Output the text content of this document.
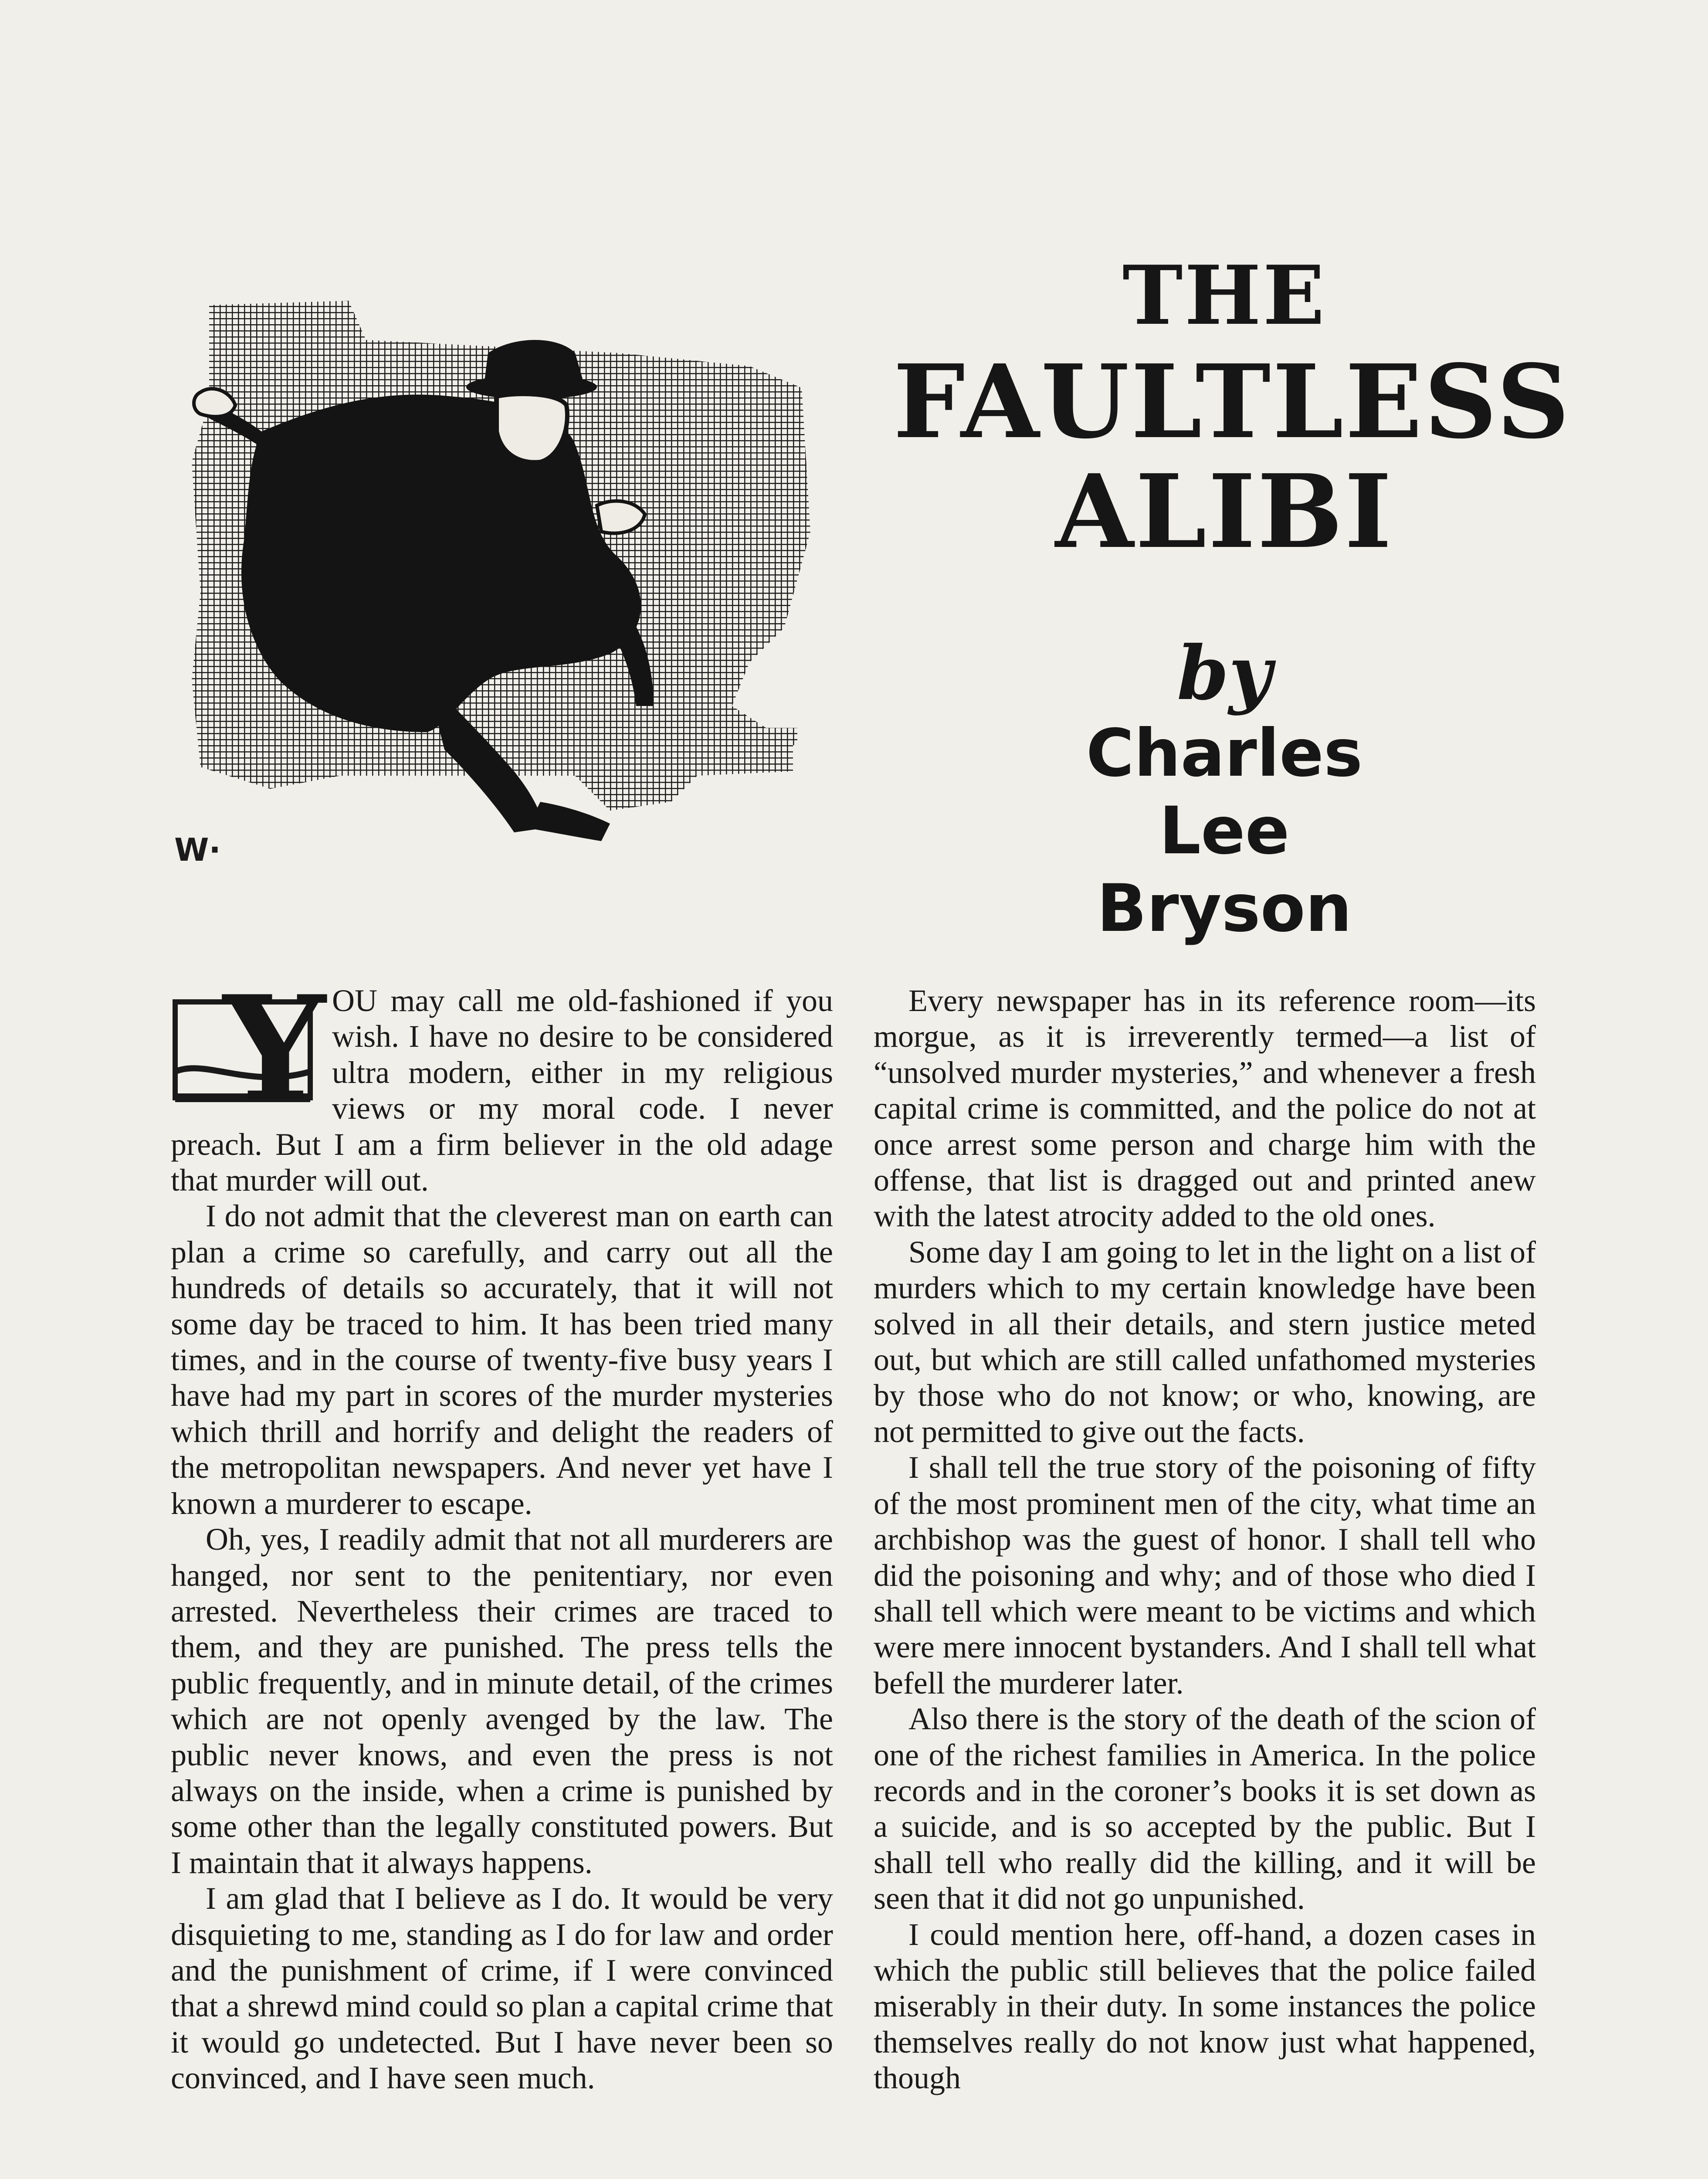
W·
THE
FAULTLESS
ALIBI
by
Charles
Lee
Bryson
Y OU may call me old-fashioned if you wish. I have no desire to be considered ultra modern, either in my religious views or my moral code. I never preach. But I am a firm believer in the old adage that murder will out.

I do not admit that the cleverest man on earth can plan a crime so carefully, and carry out all the hundreds of details so accurately, that it will not some day be traced to him. It has been tried many times, and in the course of twenty-five busy years I have had my part in scores of the murder mysteries which thrill and horrify and delight the readers of the metropolitan newspapers. And never yet have I known a murderer to escape.

Oh, yes, I readily admit that not all murderers are hanged, nor sent to the penitentiary, nor even arrested. Nevertheless their crimes are traced to them, and they are punished. The press tells the public frequently, and in minute detail, of the crimes which are not openly avenged by the law. The public never knows, and even the press is not always on the inside, when a crime is punished by some other than the legally constituted powers. But I maintain that it always happens.

I am glad that I believe as I do. It would be very disquieting to me, standing as I do for law and order and the punishment of crime, if I were convinced that a shrewd mind could so plan a capital crime that it would go undetected. But I have never been so convinced, and I have seen much.

Every newspaper has in its reference room—its morgue, as it is irreverently termed—a list of “unsolved murder mysteries,” and whenever a fresh capital crime is committed, and the police do not at once arrest some person and charge him with the offense, that list is dragged out and printed anew with the latest atrocity added to the old ones.

Some day I am going to let in the light on a list of murders which to my certain knowledge have been solved in all their details, and stern justice meted out, but which are still called unfathomed mysteries by those who do not know; or who, knowing, are not permitted to give out the facts.

I shall tell the true story of the poisoning of fifty of the most prominent men of the city, what time an archbishop was the guest of honor. I shall tell who did the poisoning and why; and of those who died I shall tell which were meant to be victims and which were mere innocent bystanders. And I shall tell what befell the murderer later.

Also there is the story of the death of the scion of one of the richest families in America. In the police records and in the coroner’s books it is set down as a suicide, and is so accepted by the public. But I shall tell who really did the killing, and it will be seen that it did not go unpunished.

I could mention here, off-hand, a dozen cases in which the public still believes that the police failed miserably in their duty. In some instances the police themselves really do not know just what happened, though
